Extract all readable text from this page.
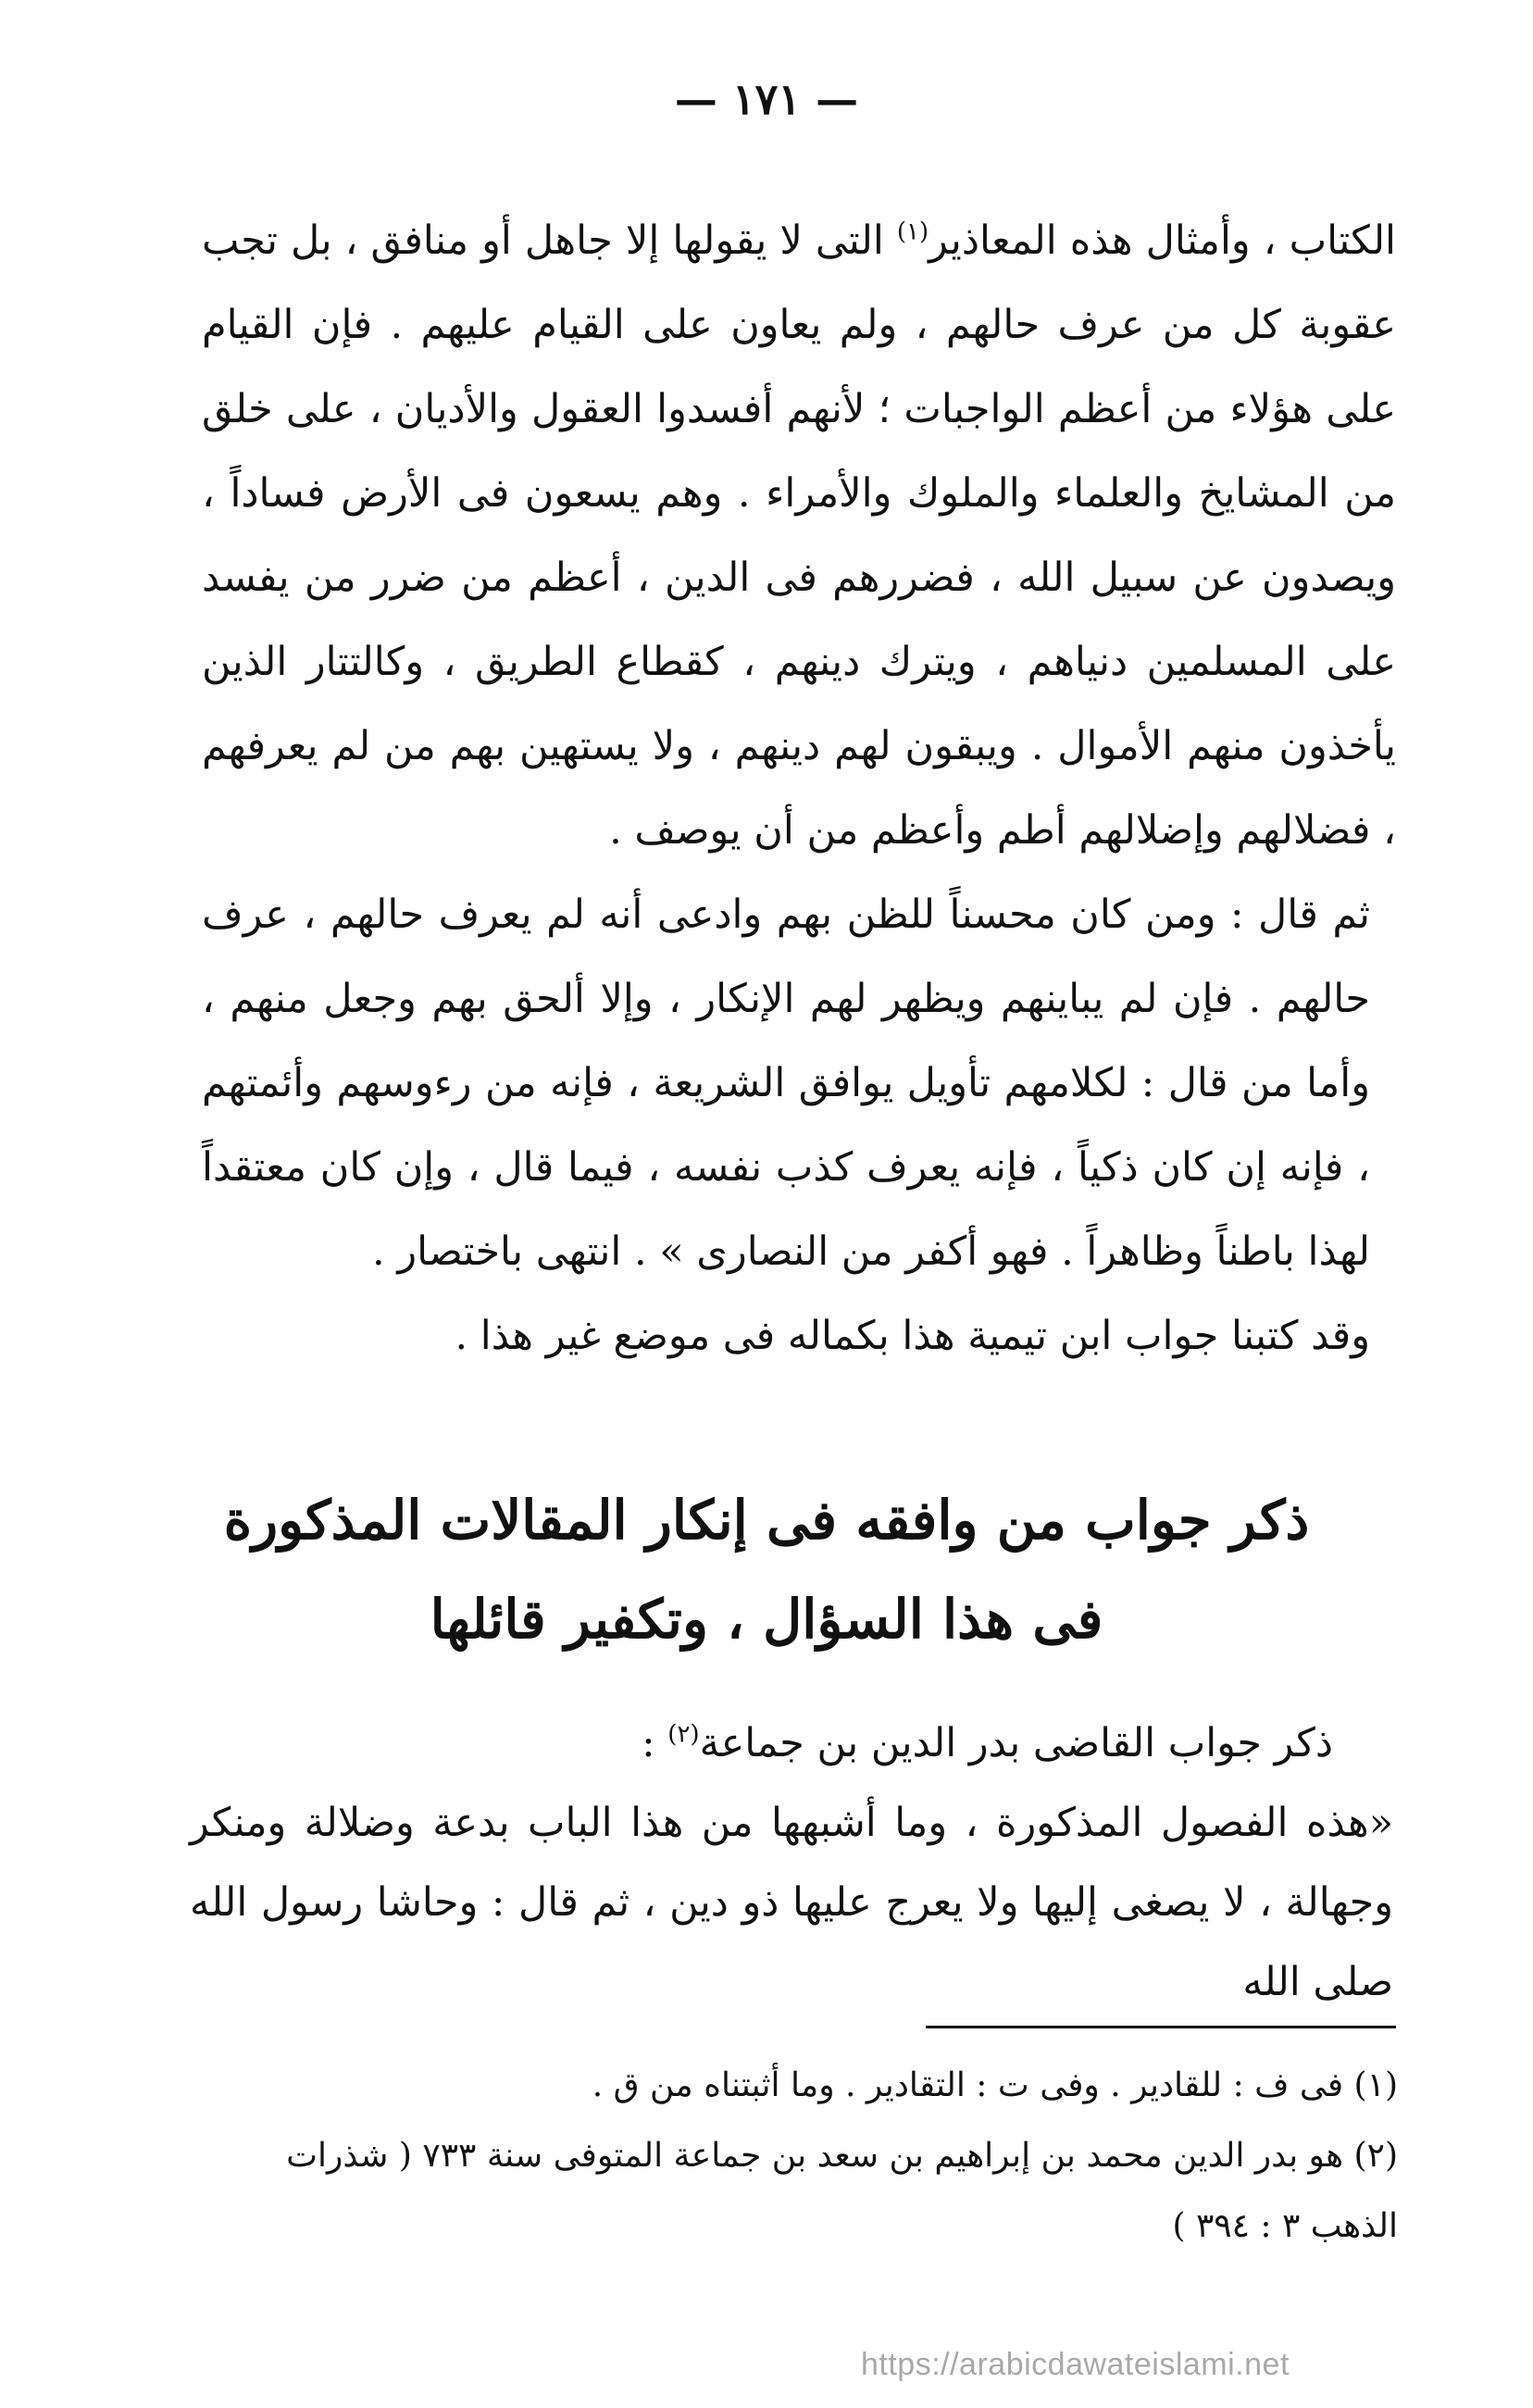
— ١٧١ —

الكتاب ، وأمثال هذه المعاذير$^{(١)}$ التى لا يقولها إلا جاهل أو منافق ، بل تجب عقوبة كل من عرف حالهم ، ولم يعاون على القيام عليهم . فإن القيام على هؤلاء من أعظم الواجبات ؛ لأنهم أفسدوا العقول والأديان ، على خلق من المشايخ والعلماء والملوك والأمراء . وهم يسعون فى الأرض فساداً ، ويصدون عن سبيل الله ، فضررهم فى الدين ، أعظم من ضرر من يفسد على المسلمين دنياهم ، ويترك دينهم ، كقطاع الطريق ، وكالتتار الذين يأخذون منهم الأموال . ويبقون لهم دينهم ، ولا يستهين بهم من لم يعرفهم ، فضلالهم وإضلالهم أطم وأعظم من أن يوصف .

ثم قال : ومن كان محسناً للظن بهم وادعى أنه لم يعرف حالهم ، عرف حالهم . فإن لم يباينهم ويظهر لهم الإنكار ، وإلا ألحق بهم وجعل منهم ، وأما من قال : لكلامهم تأويل يوافق الشريعة ، فإنه من رءوسهم وأئمتهم ، فإنه إن كان ذكياً ، فإنه يعرف كذب نفسه ، فيما قال ، وإن كان معتقداً لهذا باطناً وظاهراً . فهو أكفر من النصارى » . انتهى باختصار .

وقد كتبنا جواب ابن تيمية هذا بكماله فى موضع غير هذا .

ذكر جواب من وافقه فى إنكار المقالات المذكورة
فى هذا السؤال ، وتكفير قائلها

ذكر جواب القاضى بدر الدين بن جماعة$^{(٢)}$ :

«هذه الفصول المذكورة ، وما أشبهها من هذا الباب بدعة وضلالة ومنكر وجهالة ، لا يصغى إليها ولا يعرج عليها ذو دين ، ثم قال : وحاشا رسول الله صلى الله

(١) فى ف : للقادير . وفى ت : التقادير . وما أثبتناه من ق .

(٢) هو بدر الدين محمد بن إبراهيم بن سعد بن جماعة المتوفى سنة ٧٣٣ ( شذرات الذهب ٣ : ٣٩٤ )

https://arabicdawateislami.net
